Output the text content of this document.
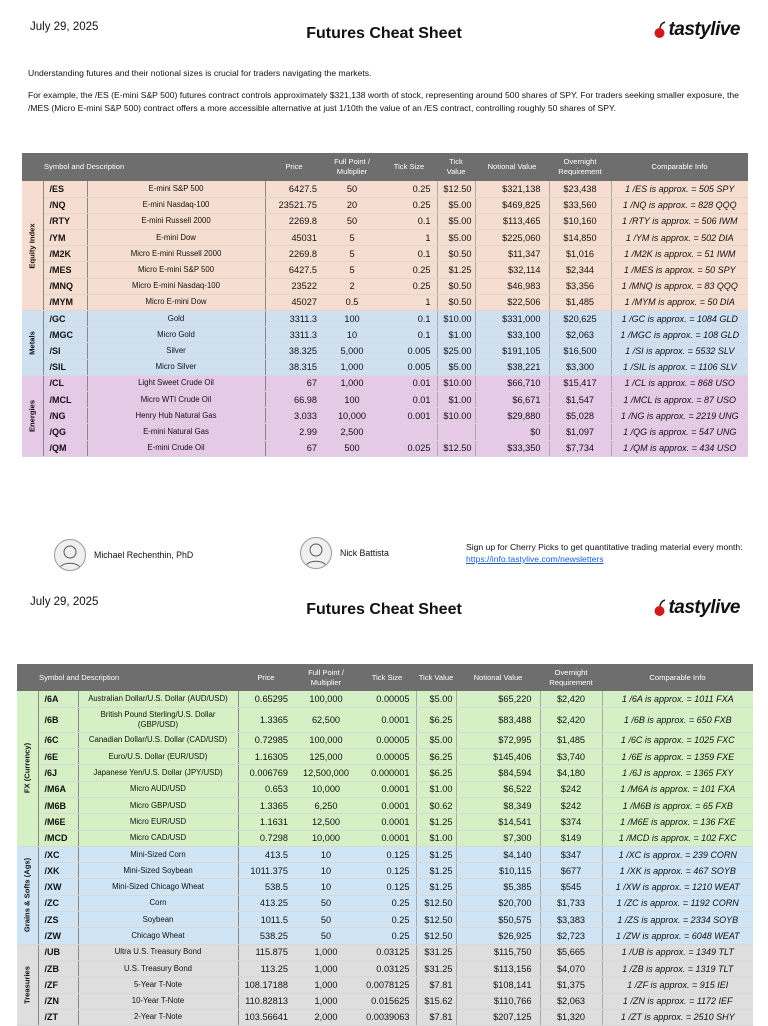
July 29, 2025	Futures Cheat Sheet	tastylive

Understanding futures and their notional sizes is crucial for traders navigating the markets.

For example, the /ES (E-mini S&P 500) futures contract controls approximately $321,138 worth of stock, representing around 500 shares of SPY. For traders seeking smaller exposure, the /MES (Micro E-mini S&P 500) contract offers a more accessible alternative at just 1/10th the value of an /ES contract, controlling roughly 50 shares of SPY.

Symbol and Description			Price	Full Point / Multiplier	Tick Size	Tick Value	Notional Value	Overnight Requirement	Comparable Info

Equity Index	/ES	E-mini S&P 500	6427.5	50	0.25	$12.50	$321,138	$23,438	1 /ES is approx. = 505 SPY
	/NQ	E-mini Nasdaq-100	23521.75	20	0.25	$5.00	$469,825	$33,560	1 /NQ is approx. = 828 QQQ
	/RTY	E-mini Russell 2000	2269.8	50	0.1	$5.00	$113,465	$10,160	1 /RTY is approx. = 506 IWM
	/YM	E-mini Dow	45031	5	1	$5.00	$225,060	$14,850	1 /YM is approx. = 502 DIA
	/M2K	Micro E-mini Russell 2000	2269.8	5	0.1	$0.50	$11,347	$1,016	1 /M2K is approx. = 51 IWM
	/MES	Micro E-mini S&P 500	6427.5	5	0.25	$1.25	$32,114	$2,344	1 /MES is approx. = 50 SPY
	/MNQ	Micro E-mini Nasdaq-100	23522	2	0.25	$0.50	$46,983	$3,356	1 /MNQ is approx. = 83 QQQ
	/MYM	Micro E-mini Dow	45027	0.5	1	$0.50	$22,506	$1,485	1 /MYM is approx. = 50 DIA

Metals	/GC	Gold	3311.3	100	0.1	$10.00	$331,000	$20,625	1 /GC is approx. = 1084 GLD
	/MGC	Micro Gold	3311.3	10	0.1	$1.00	$33,100	$2,063	1 /MGC is approx. = 108 GLD
	/SI	Silver	38.325	5,000	0.005	$25.00	$191,105	$16,500	1 /SI is approx. = 5532 SLV
	/SIL	Micro Silver	38.315	1,000	0.005	$5.00	$38,221	$3,300	1 /SIL is approx. = 1106 SLV

Energies	/CL	Light Sweet Crude Oil	67	1,000	0.01	$10.00	$66,710	$15,417	1 /CL is approx. = 868 USO
	/MCL	Micro WTI Crude Oil	66.98	100	0.01	$1.00	$6,671	$1,547	1 /MCL is approx. = 87 USO
	/NG	Henry Hub Natural Gas	3.033	10,000	0.001	$10.00	$29,880	$5,028	1 /NG is approx. = 2219 UNG
	/QG	E-mini Natural Gas	2.99	2,500			$0	$1,097	1 /QG is approx. = 547 UNG
	/QM	E-mini Crude Oil	67	500	0.025	$12.50	$33,350	$7,734	1 /QM is approx. = 434 USO
Michael Rechenthin, PhD	Nick Battista
Sign up for Cherry Picks to get quantitative trading material every month: https://info.tastylive.com/newsletters
July 29, 2025	Futures Cheat Sheet	tastylive
Symbol and Description			Price	Full Point / Multiplier	Tick Size	Tick Value	Notional Value	Overnight Requirement	Comparable Info

FX (Currency)	/6A	Australian Dollar/U.S. Dollar (AUD/USD)	0.65295	100,000	0.00005	$5.00	$65,220	$2,420	1 /6A is approx. = 1011 FXA
	/6B	British Pound Sterling/U.S. Dollar (GBP/USD)	1.3365	62,500	0.0001	$6.25	$83,488	$2,420	1 /6B is approx. = 650 FXB
	/6C	Canadian Dollar/U.S. Dollar (CAD/USD)	0.72985	100,000	0.00005	$5.00	$72,995	$1,485	1 /6C is approx. = 1025 FXC
	/6E	Euro/U.S. Dollar (EUR/USD)	1.16305	125,000	0.00005	$6.25	$145,406	$3,740	1 /6E is approx. = 1359 FXE
	/6J	Japanese Yen/U.S. Dollar (JPY/USD)	0.006769	12,500,000	0.000001	$6.25	$84,594	$4,180	1 /6J is approx. = 1365 FXY
	/M6A	Micro AUD/USD	0.653	10,000	0.0001	$1.00	$6,522	$242	1 /M6A is approx. = 101 FXA
	/M6B	Micro GBP/USD	1.3365	6,250	0.0001	$0.62	$8,349	$242	1 /M6B is approx. = 65 FXB
	/M6E	Micro EUR/USD	1.1631	12,500	0.0001	$1.25	$14,541	$374	1 /M6E is approx. = 136 FXE
	/MCD	Micro CAD/USD	0.7298	10,000	0.0001	$1.00	$7,300	$149	1 /MCD is approx. = 102 FXC

Grains & Softs (Ags)	/XC	Mini-Sized Corn	413.5	10	0.125	$1.25	$4,140	$347	1 /XC is approx. = 239 CORN
	/XK	Mini-Sized Soybean	1011.375	10	0.125	$1.25	$10,115	$677	1 /XK is approx. = 467 SOYB
	/XW	Mini-Sized Chicago Wheat	538.5	10	0.125	$1.25	$5,385	$545	1 /XW is approx. = 1210 WEAT
	/ZC	Corn	413.25	50	0.25	$12.50	$20,700	$1,733	1 /ZC is approx. = 1192 CORN
	/ZS	Soybean	1011.5	50	0.25	$12.50	$50,575	$3,383	1 /ZS is approx. = 2334 SOYB
	/ZW	Chicago Wheat	538.25	50	0.25	$12.50	$26,925	$2,723	1 /ZW is approx. = 6048 WEAT

Treasuries	/UB	Ultra U.S. Treasury Bond	115.875	1,000	0.03125	$31.25	$115,750	$5,665	1 /UB is approx. = 1349 TLT
	/ZB	U.S. Treasury Bond	113.25	1,000	0.03125	$31.25	$113,156	$4,070	1 /ZB is approx. = 1319 TLT
	/ZF	5-Year T-Note	108.17188	1,000	0.0078125	$7.81	$108,141	$1,375	1 /ZF is approx. = 915 IEI
	/ZN	10-Year T-Note	110.82813	1,000	0.015625	$15.62	$110,766	$2,063	1 /ZN is approx. = 1172 IEF
	/ZT	2-Year T-Note	103.56641	2,000	0.0039063	$7.81	$207,125	$1,320	1 /ZT is approx. = 2510 SHY
